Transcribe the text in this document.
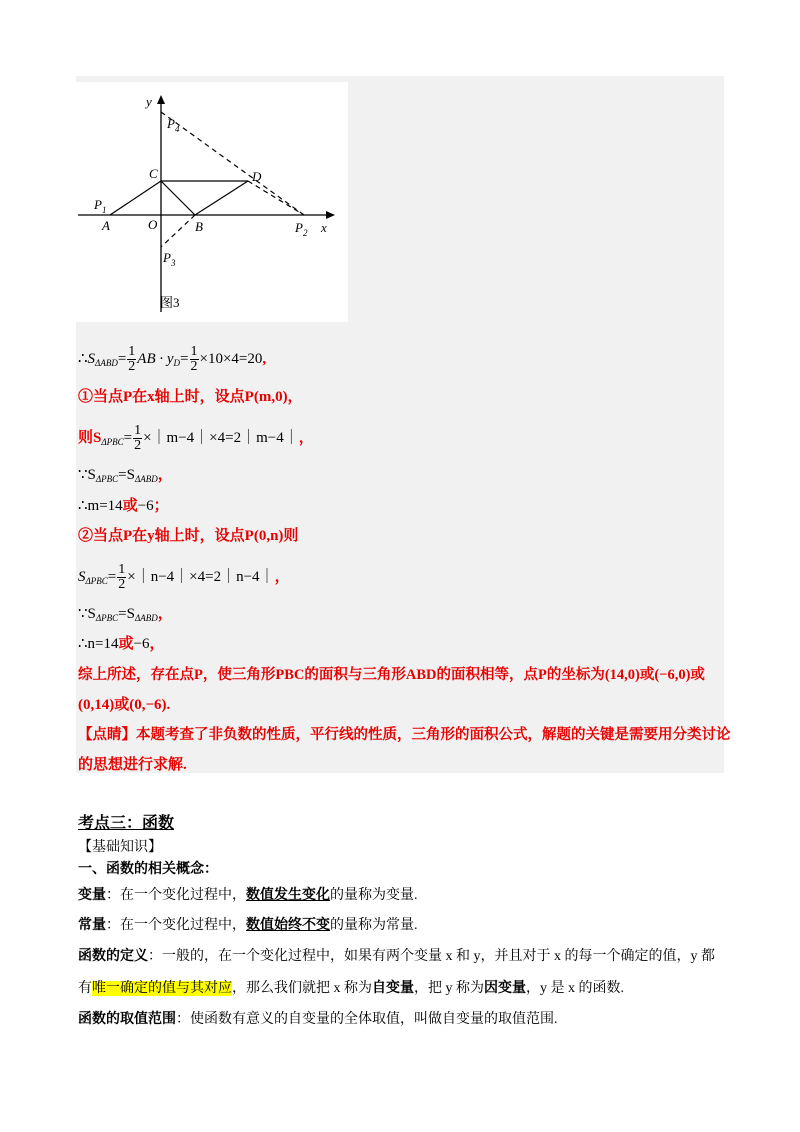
y
x
P 4
C	D
P 1
A	O	B	P 2
P 3
图3
$\therefore S_{\Delta ABD}= \frac{1}{2}$ AB · $y_D= \frac{1}{2} \times 10\times 4=20$,
①当点P在x轴上时，设点P(m,0)，
则$S_{\Delta PBC}= \frac{1}{2}$ ×｜m−4｜×4=2｜m−4｜，
$\because S_{\Delta PBC}=S_{\Delta ABD}$，
∴m=14或−6；
②当点P在y轴上时，设点P(0,n)则
$S_{\Delta PBC}= \frac{1}{2}$ ×｜n−4｜×4=2｜n−4｜，
$\because S_{\Delta PBC}=S_{\Delta ABD}$，
∴n=14或−6，
综上所述，存在点P，使三角形PBC的面积与三角形ABD的面积相等，点P的坐标为(14,0)或(−6,0)或
(0,14)或(0,−6).
【点睛】本题考查了非负数的性质，平行线的性质，三角形的面积公式，解题的关键是需要用分类讨论
的思想进行求解.
考点三：函数
【基础知识】
一、函数的相关概念：
变量：在一个变化过程中，数值发生变化的量称为变量.
常量：在一个变化过程中，数值始终不变的量称为常量.
函数的定义：一般的，在一个变化过程中，如果有两个变量 x 和 y，并且对于 x 的每一个确定的值，y 都
有唯一确定的值与其对应，那么我们就把 x 称为自变量，把 y 称为因变量，y 是 x 的函数.
函数的取值范围：使函数有意义的自变量的全体取值，叫做自变量的取值范围.
